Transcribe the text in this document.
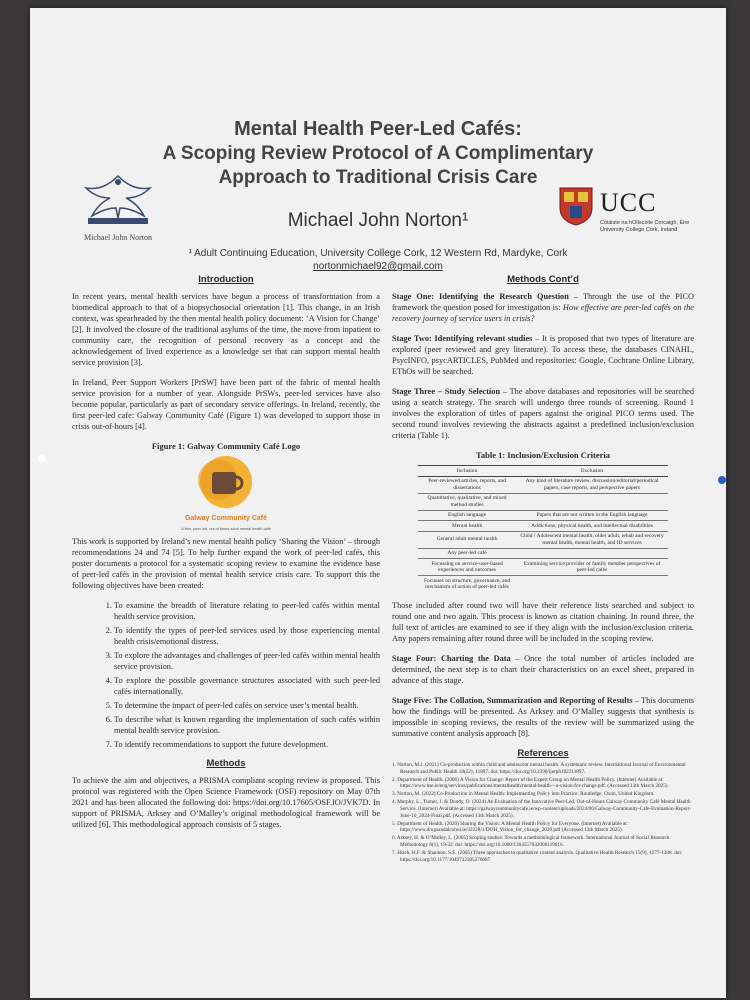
Michael John Norton
Mental Health Peer-Led Cafés:
A Scoping Review Protocol of A Complimentary Approach to Traditional Crisis Care
UCC
Coláiste na hOllscoile Corcaigh, Éire University College Cork, Ireland
Michael John Norton¹
¹ Adult Continuing Education, University College Cork, 12 Western Rd, Mardyke, Cork
nortonmichael92@gmail.com
Introduction

In recent years, mental health services have begun a process of transformation from a biomedical approach to that of a biopsychosocial orientation [1]. This change, in an Irish context, was spearheaded by the then mental health policy document: ‘A Vision for Change’ [2]. It involved the closure of the traditional asylums of the time, the move from inpatient to community care, the recognition of personal recovery as a concept and the acknowledgement of lived experience as a knowledge set that can support mental health service provision [3].

In Ireland, Peer Support Workers [PrSW] have been part of the fabric of mental health service provision for a number of year. Alongside PrSWs, peer-led services have also become popular, particularly as part of secondary service offerings. In Ireland, recently, the first peer-led cafe: Galway Community Café (Figure 1) was developed to support those in crisis out-of-hours [4].

Figure 1: Galway Community Café Logo
Galway Community Café
A free, peer-led, out of hours adult mental health café

This work is supported by Ireland’s new mental health policy ‘Sharing the Vision’ – through recommendations 24 and 74 [5]. To help further expand the work of peer-led cafés, this poster documents a protocol for a systematic scoping review to examine the evidence base of peer-led cafés in the provision of mental health service crisis care. To support this the following objectives have been created:

1. To examine the breadth of literature relating to peer-led cafés within mental health service provision.
2. To identify the types of peer-led services used by those experiencing mental health crisis/emotional distress.
3. To explore the advantages and challenges of peer-led cafés within mental health service provision.
4. To explore the possible governance structures associated with such peer-led cafés internationally.
5. To determine the impact of peer-led cafés on service user’s mental health.
6. To describe what is known regarding the implementation of such cafés within mental health service provision.
7. To identify recommendations to support the future development.
Methods

To achieve the aim and objectives, a PRISMA compliant scoping review is proposed. This protocol was registered with the Open Science Framework (OSF) repository on May 07th 2021 and has been allocated the following doi: https://doi.org/10.17605/OSF.IO/JVK7D. In support of PRISMA, Arksey and O’Malley’s original methodological framework will be utilized [6]. This methodological approach consists of 5 stages.

Methods Cont’d

Stage One: Identifying the Research Question – Through the use of the PICO framework the question posed for investigation is: How effective are peer-led cafés on the recovery journey of service users in crisis?

Stage Two: Identifying relevant studies – It is proposed that two types of literature are explored (peer reviewed and grey literature). To access these, the databases CINAHL, PsycINFO, psycARTICLES, PubMed and repositories: Google, Cochrane Online Library, EThOs will be searched.

Stage Three – Study Selection – The above databases and repositories will be searched using a search strategy. The search will undergo three rounds of screening. Round 1 involves the exploration of titles of papers against the original PICO terms used. The second round involves reviewing the abstracts against a predefined inclusion/exclusion criteria (Table 1).

Table 1: Inclusion/Exclusion Criteria
Inclusion	Exclusion
Peer-reviewed articles, reports, and dissertations	Any kind of literature review, discussion/editorial/periodical papers, case reports, and perspective papers
Quantitative, qualitative, and mixed method studies	
English language	Papers that are not written in the English language
Mental health	Addictions, physical health, and intellectual disabilities
General adult mental health	Child / Adolescent mental health, older adult, rehab and recovery mental health, mental health, and ID services
Any peer-led café	
Focussing on service-user-based experiences and outcomes	Examining service provider or family member perspectives of peer-led cafés
Focusses on structure, governance, and mechanism of action of peer-led cafés	

Those included after round two will have their reference lists searched and subject to round one and two again. This process is known as citation chaining. In round three, the full text of articles are examined to see if they align with the inclusion/exclusion criteria. Any papers remaining after round three will be included in the scoping review.

Stage Four: Charting the Data – Once the total number of articles included are determined, the next step is to chart their characteristics on an excel sheet, prepared in advance of this stage.

Stage Five: The Collation, Summarization and Reporting of Results – This documents how the findings will be presented. As Arksey and O’Malley suggests that synthesis is impossible in scoping reviews, the results of the review will be summarized using the summative content analysis approach [8].

References
1. Norton, M.J. (2021) Co-production within child and adolescent mental health: A systematic review. International Journal of Environmental Research and Public Health 18(22), 11897. doi: https://doi.org/10.3390/ijerph182211897.
2. Department of Health. (2006) A Vision for Change: Report of the Expert Group on Mental Health Policy. (Internet) Available at: https://www.hse.ie/eng/services/publications/mentalhealth/mental-health---a-vision-for-change.pdf. (Accessed 13th March 2025).
3. Norton, M. (2022) Co-Production in Mental Health: Implementing Policy into Practice. Routledge, Oxon, United Kingdom.
4. Murphy, L., Turner, J. & Doody, O. (2024) An Evaluation of the Innovative Peer-Led, Out-of-Hours Galway Community Café Mental Health Service. (Internet) Available at: https://galwaycommunitycafe.ie/wp-content/uploads/2024/06/Galway-Community-Cafe-Evaluation-Report-June-10_2024-Final.pdf. (Accessed 13th March 2025).
5. Department of Health. (2020) Sharing the Vision: A Mental Health Policy for Everyone. (Internet) Available at: https://www.drugsandalcohol.ie/32228/1/DOH_Vision_for_change_2020.pdf (Accessed 13th March 2025).
6. Arksey, H. & O’Malley, L. (2005) Scoping studies: Towards a methodological framework. International Journal of Social Research Methodology 8(1), 19-32. doi: https://doi.org/10.1080/1364557032000119616.
7. Hsieh, H.F. & Shannon, S.E. (2005) Three approaches to qualitative content analysis. Qualitative Health Research 15(9), 1277-1288. doi: https://doi.org/10.1177/1049732305276687.
